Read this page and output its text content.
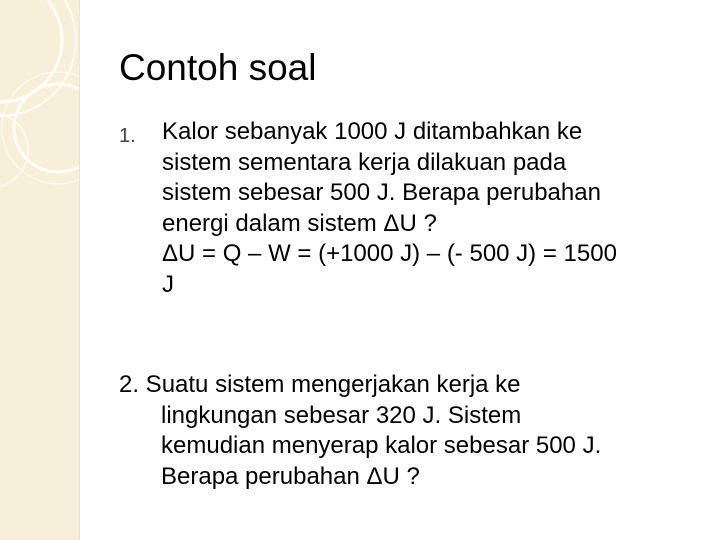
Contoh soal
1. Kalor sebanyak 1000 J ditambahkan ke
sistem sementara kerja dilakuan pada
sistem sebesar 500 J. Berapa perubahan
energi dalam sistem ΔU ?
ΔU = Q – W = (+1000 J) – (- 500 J) = 1500
J
2. Suatu sistem mengerjakan kerja ke
lingkungan sebesar 320 J. Sistem
kemudian menyerap kalor sebesar 500 J.
Berapa perubahan ΔU ?
